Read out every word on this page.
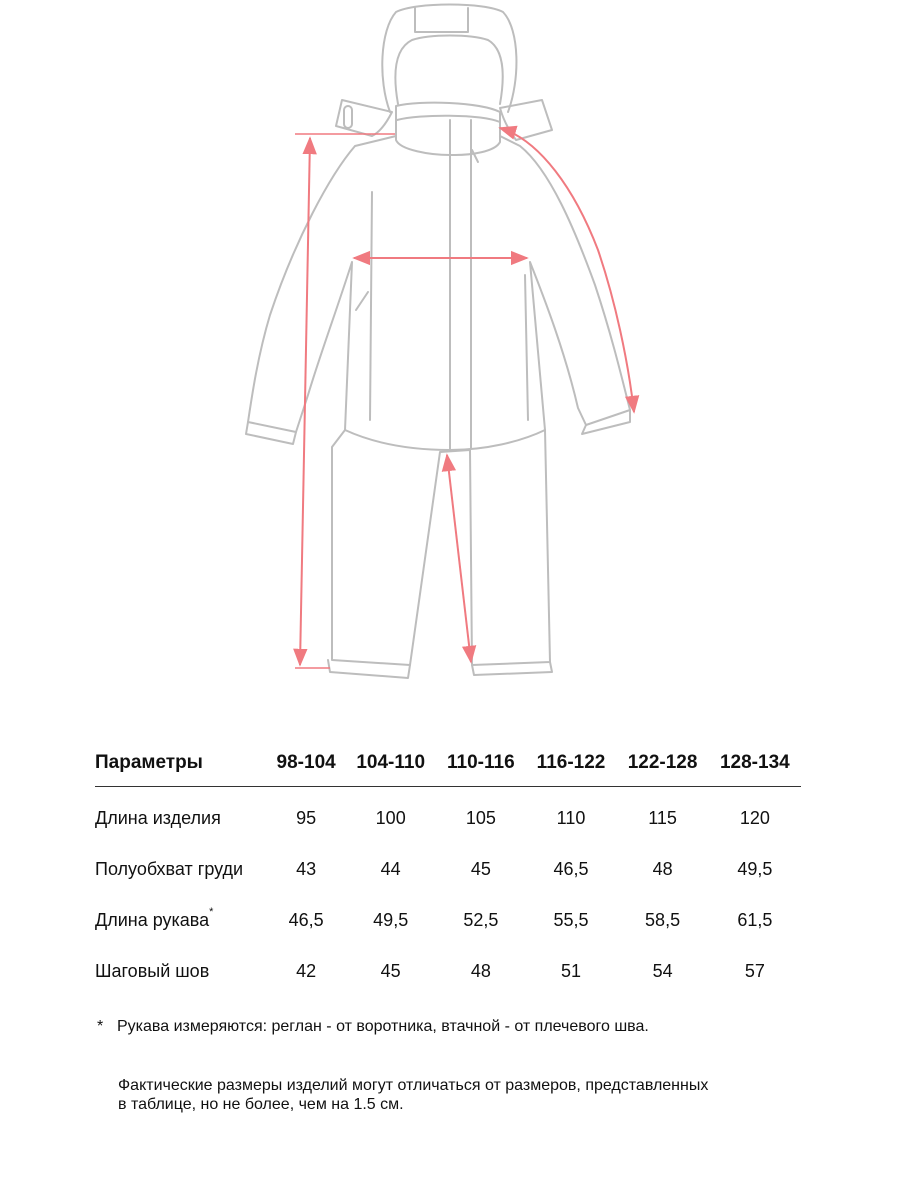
Параметры	98-104	104-110	110-116	116-122	122-128	128-134
Длина изделия	95	100	105	110	115	120
Полуобхват груди	43	44	45	46,5	48	49,5
Длина рукава*	46,5	49,5	52,5	55,5	58,5	61,5
Шаговый шов	42	45	48	51	54	57
* Рукава измеряются: реглан - от воротника, втачной - от плечевого шва.
Фактические размеры изделий могут отличаться от размеров, представленных
в таблице, но не более, чем на 1.5 см.
